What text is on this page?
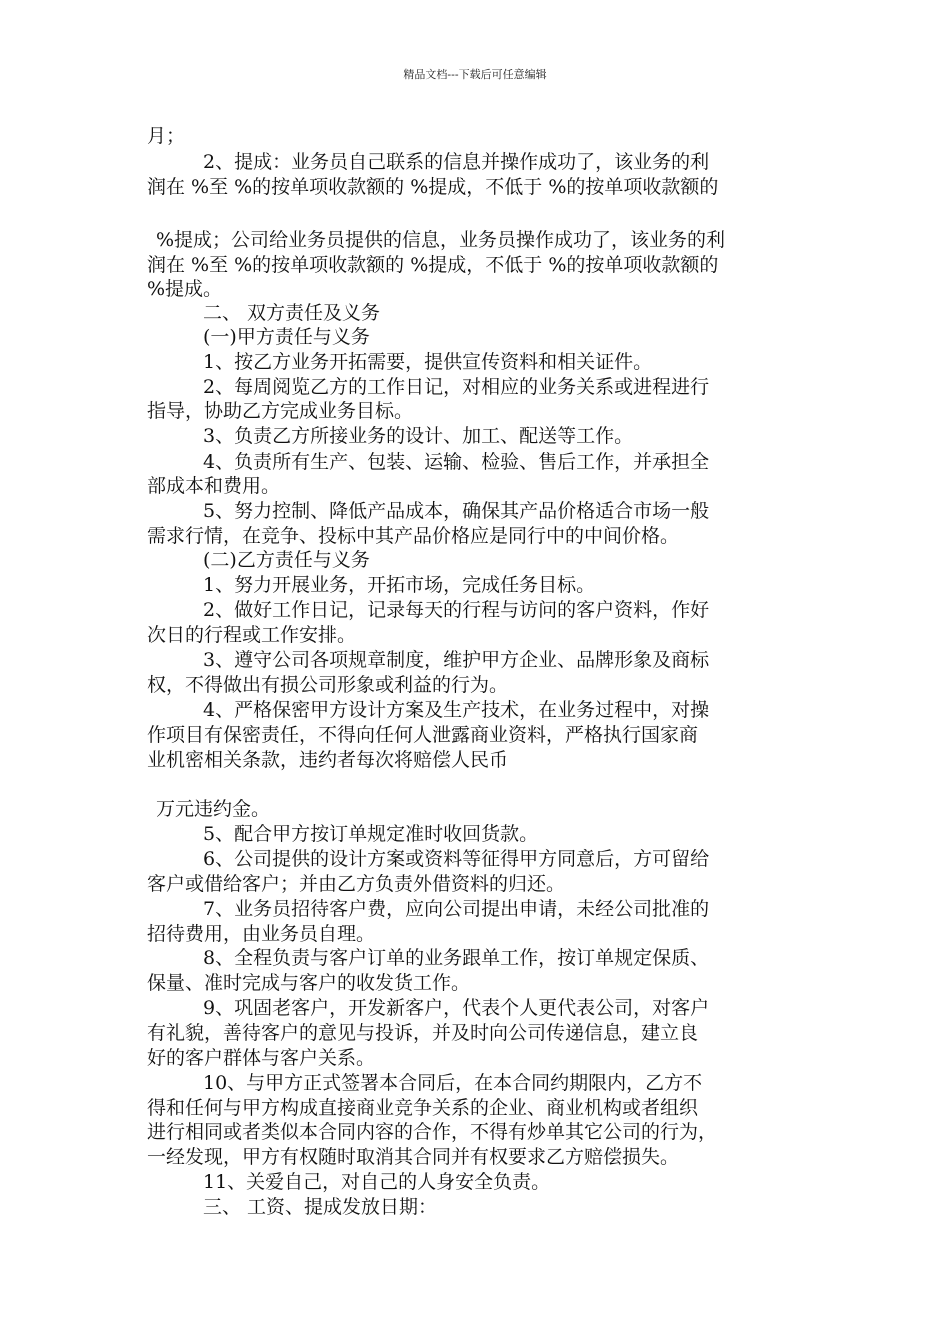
精品文档---下载后可任意编辑
月；
2、提成：业务员自己联系的信息并操作成功了，该业务的利
润在 %至 %的按单项收款额的 %提成，不低于 %的按单项收款额的
%提成；公司给业务员提供的信息，业务员操作成功了，该业务的利
润在 %至 %的按单项收款额的 %提成，不低于 %的按单项收款额的
%提成。
二、 双方责任及义务
(一)甲方责任与义务
1、按乙方业务开拓需要，提供宣传资料和相关证件。
2、每周阅览乙方的工作日记，对相应的业务关系或进程进行
指导，协助乙方完成业务目标。
3、负责乙方所接业务的设计、加工、配送等工作。
4、负责所有生产、包装、运输、检验、售后工作，并承担全
部成本和费用。
5、努力控制、降低产品成本，确保其产品价格适合市场一般
需求行情，在竞争、投标中其产品价格应是同行中的中间价格。
(二)乙方责任与义务
1、努力开展业务，开拓市场，完成任务目标。
2、做好工作日记，记录每天的行程与访问的客户资料，作好
次日的行程或工作安排。
3、遵守公司各项规章制度，维护甲方企业、品牌形象及商标
权，不得做出有损公司形象或利益的行为。
4、严格保密甲方设计方案及生产技术，在业务过程中，对操
作项目有保密责任，不得向任何人泄露商业资料，严格执行国家商
业机密相关条款，违约者每次将赔偿人民币
万元违约金。
5、配合甲方按订单规定准时收回货款。
6、公司提供的设计方案或资料等征得甲方同意后，方可留给
客户或借给客户；并由乙方负责外借资料的归还。
7、业务员招待客户费，应向公司提出申请，未经公司批准的
招待费用，由业务员自理。
8、全程负责与客户订单的业务跟单工作，按订单规定保质、
保量、准时完成与客户的收发货工作。
9、巩固老客户，开发新客户，代表个人更代表公司，对客户
有礼貌，善待客户的意见与投诉，并及时向公司传递信息，建立良
好的客户群体与客户关系。
10、与甲方正式签署本合同后，在本合同约期限内，乙方不
得和任何与甲方构成直接商业竞争关系的企业、商业机构或者组织
进行相同或者类似本合同内容的合作，不得有炒单其它公司的行为，
一经发现，甲方有权随时取消其合同并有权要求乙方赔偿损失。
11、关爱自己，对自己的人身安全负责。
三、 工资、提成发放日期：
